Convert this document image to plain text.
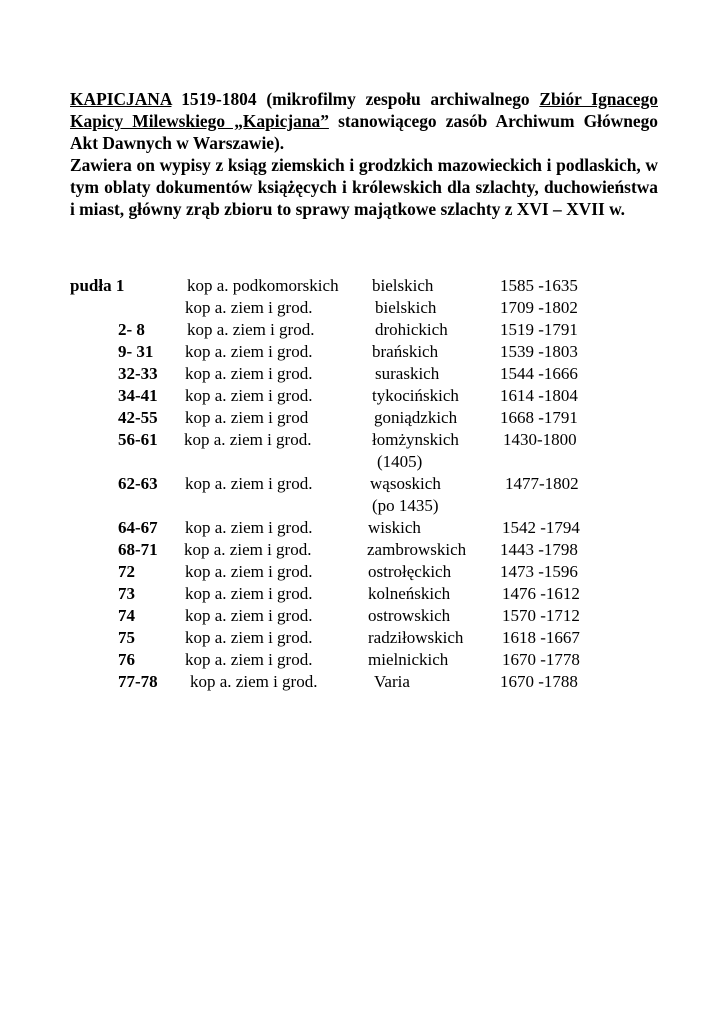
KAPICJANA 1519-1804 (mikrofilmy zespołu archiwalnego Zbiór Ignacego Kapicy Milewskiego „Kapicjana” stanowiącego zasób Archiwum Głównego Akt Dawnych w Warszawie).

Zawiera on wypisy z ksiąg ziemskich i grodzkich mazowieckich i podlaskich, w tym oblaty dokumentów książęcych i królewskich dla szlachty, duchowieństwa i miast, główny zrąb zbioru to sprawy majątkowe szlachty z XVI – XVII w.

pudła 1	kop a. podkomorskich bielskich	1585 -1635
kop a. ziem i grod.	bielskich	1709 -1802
2- 8 kop a. ziem i grod.	drohickich	1519 -1791
9- 31 kop a. ziem i grod.	brańskich	1539 -1803
32-33 kop a. ziem i grod.	suraskich	1544 -1666
34-41 kop a. ziem i grod.	tykocińskich 1614 -1804
42-55 kop a. ziem i grod	goniądzkich	1668 -1791
56-61 kop a. ziem i grod.	łomżynskich	1430-1800
(1405)
62-63 kop a. ziem i grod.	wąsoskich	1477-1802
(po 1435)
64-67 kop a. ziem i grod.	wiskich	1542 -1794
68-71 kop a. ziem i grod.	zambrowskich 1443 -1798
72	kop a. ziem i grod.	ostrołęckich	1473 -1596
73	kop a. ziem i grod.	kolneńskich	1476 -1612
74	kop a. ziem i grod.	ostrowskich	1570 -1712
75	kop a. ziem i grod.	radziłowskich 1618 -1667
76	kop a. ziem i grod.	mielnickich	1670 -1778
77-78 kop a. ziem i grod.	Varia	1670 -1788
